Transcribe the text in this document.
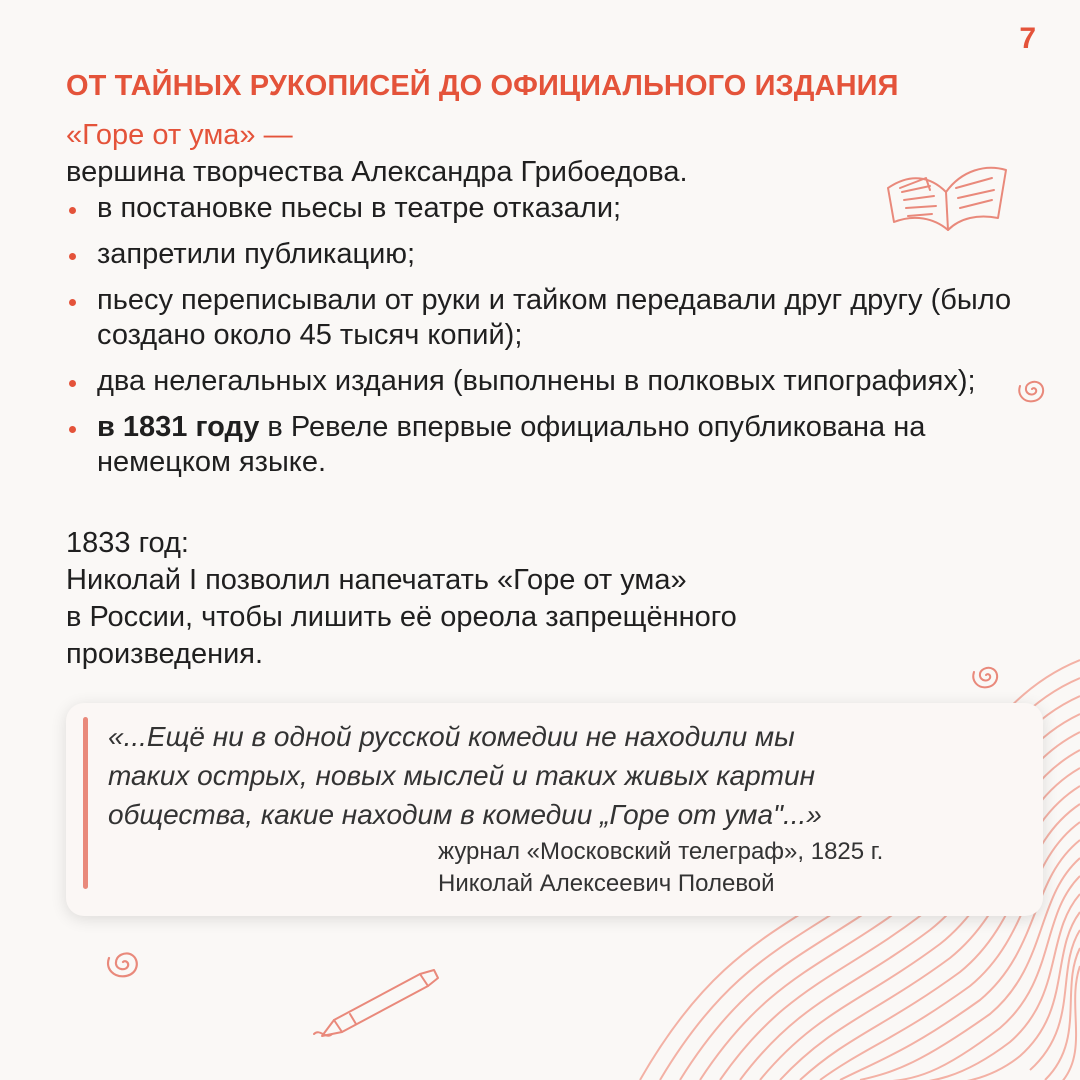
7
ОТ ТАЙНЫХ РУКОПИСЕЙ ДО ОФИЦИАЛЬНОГО ИЗДАНИЯ
«Горе от ума» —
вершина творчества Александра Грибоедова.
в постановке пьесы в театре отказали;
запретили публикацию;
пьесу переписывали от руки и тайком передавали друг другу (было создано около 45 тысяч копий);
два нелегальных издания (выполнены в полковых типографиях);
в 1831 году в Ревеле впервые официально опубликована на немецком языке.
1833 год:
Николай I позволил напечатать «Горе от ума»
в России, чтобы лишить её ореола запрещённого
произведения.
«...Ещё ни в одной русской комедии не находили мы
таких острых, новых мыслей и таких живых картин
общества, какие находим в комедии „Горе от ума"...»
журнал «Московский телеграф», 1825 г.
Николай Алексеевич Полевой
